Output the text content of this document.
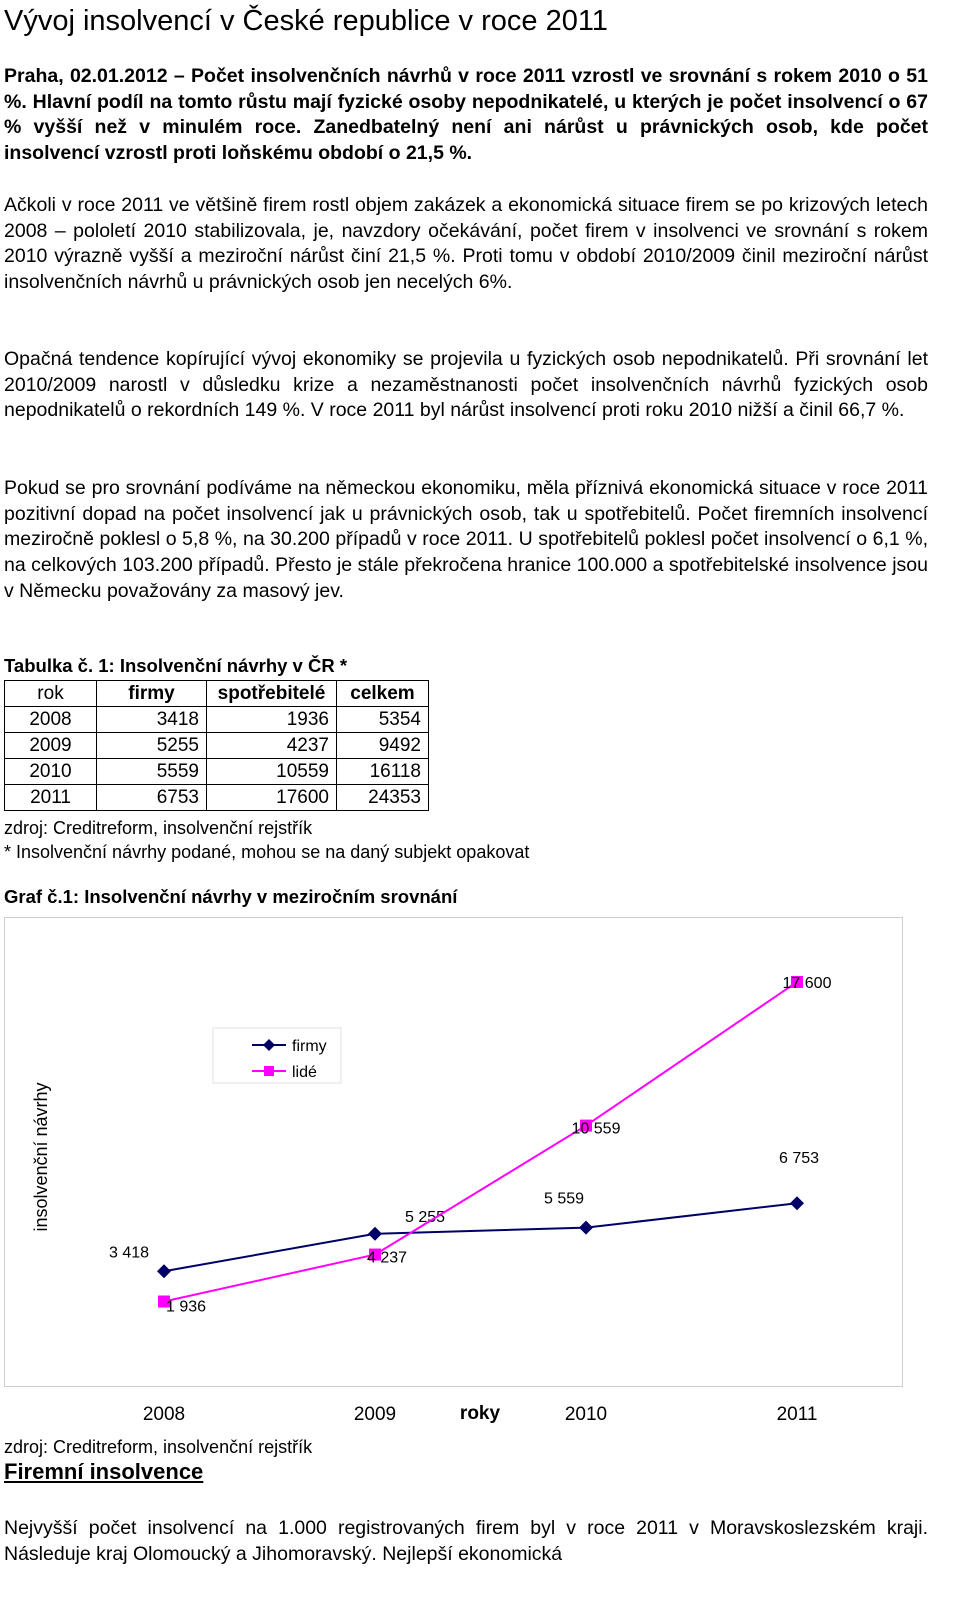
Vývoj insolvencí v České republice v roce 2011

Praha, 02.01.2012 – Počet insolvenčních návrhů v roce 2011 vzrostl ve srovnání s rokem 2010 o 51 %. Hlavní podíl na tomto růstu mají fyzické osoby nepodnikatelé, u kterých je počet insolvencí o 67 % vyšší než v minulém roce. Zanedbatelný není ani nárůst u právnických osob, kde počet insolvencí vzrostl proti loňskému období o 21,5 %.

Ačkoli v roce 2011 ve většině firem rostl objem zakázek a ekonomická situace firem se po krizových letech 2008 – pololetí 2010 stabilizovala, je, navzdory očekávání, počet firem v insolvenci ve srovnání s rokem 2010 výrazně vyšší a meziroční nárůst činí 21,5 %. Proti tomu v období 2010/2009 činil meziroční nárůst insolvenčních návrhů u právnických osob jen necelých 6%.

Opačná tendence kopírující vývoj ekonomiky se projevila u fyzických osob nepodnikatelů. Při srovnání let 2010/2009 narostl v důsledku krize a nezaměstnanosti počet insolvenčních návrhů fyzických osob nepodnikatelů o rekordních 149 %. V roce 2011 byl nárůst insolvencí proti roku 2010 nižší a činil 66,7 %.

Pokud se pro srovnání podíváme na německou ekonomiku, měla příznivá ekonomická situace v roce 2011 pozitivní dopad na počet insolvencí jak u právnických osob, tak u spotřebitelů. Počet firemních insolvencí meziročně poklesl o 5,8 %, na 30.200 případů v roce 2011. U spotřebitelů poklesl počet insolvencí o 6,1 %, na celkových 103.200 případů. Přesto je stále překročena hranice 100.000 a spotřebitelské insolvence jsou v Německu považovány za masový jev.

Tabulka č. 1: Insolvenční návrhy v ČR *

rok	firmy	spotřebitelé	celkem
2008	3418	1936	5354
2009	5255	4237	9492
2010	5559	10559	16118
2011	6753	17600	24353

zdroj: Creditreform, insolvenční rejstřík

* Insolvenční návrhy podané, mohou se na daný subjekt opakovat

Graf č.1: Insolvenční návrhy v meziročním srovnání

zdroj: Creditreform, insolvenční rejstřík

Firemní insolvence

Nejvyšší počet insolvencí na 1.000 registrovaných firem byl v roce 2011 v Moravskoslezském kraji. Následuje kraj Olomoucký a Jihomoravský. Nejlepší ekonomická

firmy
lidé
insolvenční návrhy
roky
3 418
5 255
5 559
6 753
1 936
4 237
10 559
17 600
2008	2009	2010	2011
